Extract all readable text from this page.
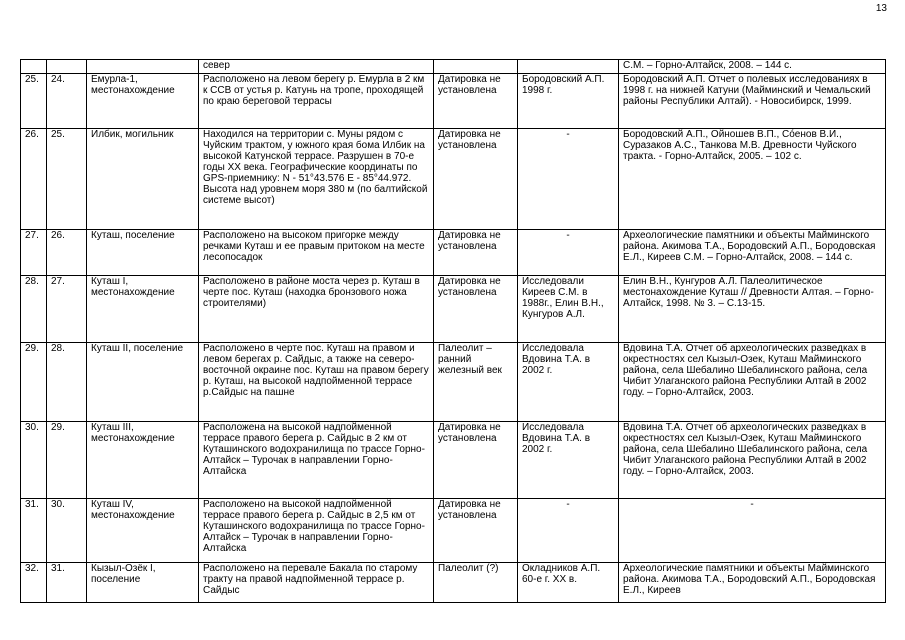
13
			север			С.М. – Горно-Алтайск, 2008. – 144 с.
25.	24.	Емурла-1, местонахождение	Расположено на левом берегу р. Емурла в 2 км к ССВ от устья р. Катунь на тропе, проходящей по краю береговой террасы	Датировка не установлена	Бородовский А.П. 1998 г.	Бородовский А.П. Отчет о полевых исследованиях в 1998 г. на нижней Катуни (Майминский и Чемальский районы Республики Алтай). - Новосибирск, 1999.
26.	25.	Илбик, могильник	Находился на территории с. Муны рядом с Чуйским трактом, у южного края бома Илбик на высокой Катунской террасе. Разрушен в 70-е годы XX века. Географические координаты по GPS-приемнику: N - 51°43.576 E - 85°44.972. Высота над уровнем моря 380 м (по балтийской системе высот)	Датировка не установлена	-	Бородовский А.П., Ойношев В.П., Сóенов В.И., Суразаков А.С., Танкова М.В. Древности Чуйского тракта. - Горно-Алтайск, 2005. – 102 с.
27.	26.	Куташ, поселение	Расположено на высоком пригорке между речками Куташ и ее правым притоком на месте лесопосадок	Датировка не установлена	-	Археологические памятники и объекты Майминского района. Акимова Т.А., Бородовский А.П., Бородовская Е.Л., Киреев С.М. – Горно-Алтайск, 2008. – 144 с.
28.	27.	Куташ I, местонахождение	Расположено в районе моста через р. Куташ в черте пос. Куташ (находка бронзового ножа строителями)	Датировка не установлена	Исследовали Киреев С.М. в 1988г., Елин В.Н., Кунгуров А.Л.	Елин В.Н., Кунгуров А.Л. Палеолитическое местонахождение Куташ // Древности Алтая. – Горно-Алтайск, 1998. № 3. – С.13-15.
29.	28.	Куташ II, поселение	Расположено в черте пос. Куташ на правом и левом берегах р. Сайдыс, а также на северо-восточной окраине пос. Куташ на правом берегу р. Куташ, на высокой надпойменной террасе р.Сайдыс на пашне	Палеолит – ранний железный век	Исследовала Вдовина Т.А. в 2002 г.	Вдовина Т.А. Отчет об археологических разведках в окрестностях сел Кызыл-Озек, Куташ Майминского района, села Шебалино Шебалинского района, села Чибит Улаганского района Республики Алтай в 2002 году. – Горно-Алтайск, 2003.
30.	29.	Куташ III, местонахождение	Расположена на высокой надпойменной террасе правого берега р. Сайдыс в 2 км от Куташинского водохранилища по трассе Горно-Алтайск – Турочак в направлении Горно-Алтайска	Датировка не установлена	Исследовала Вдовина Т.А. в 2002 г.	Вдовина Т.А. Отчет об археологических разведках в окрестностях сел Кызыл-Озек, Куташ Майминского района, села Шебалино Шебалинского района, села Чибит Улаганского района Республики Алтай в 2002 году. – Горно-Алтайск, 2003.
31.	30.	Куташ IV, местонахождение	Расположено на высокой надпойменной террасе правого берега р. Сайдыс в 2,5 км от Куташинского водохранилища по трассе Горно-Алтайск – Турочак в направлении Горно-Алтайска	Датировка не установлена	-	-
32.	31.	Кызыл-Озёк I, поселение	Расположено на перевале Бакала по старому тракту на правой надпойменной террасе р. Сайдыс	Палеолит (?)	Окладников А.П. 60-е г. XX в.	Археологические памятники и объекты Майминского района. Акимова Т.А., Бородовский А.П., Бородовская Е.Л., Киреев
